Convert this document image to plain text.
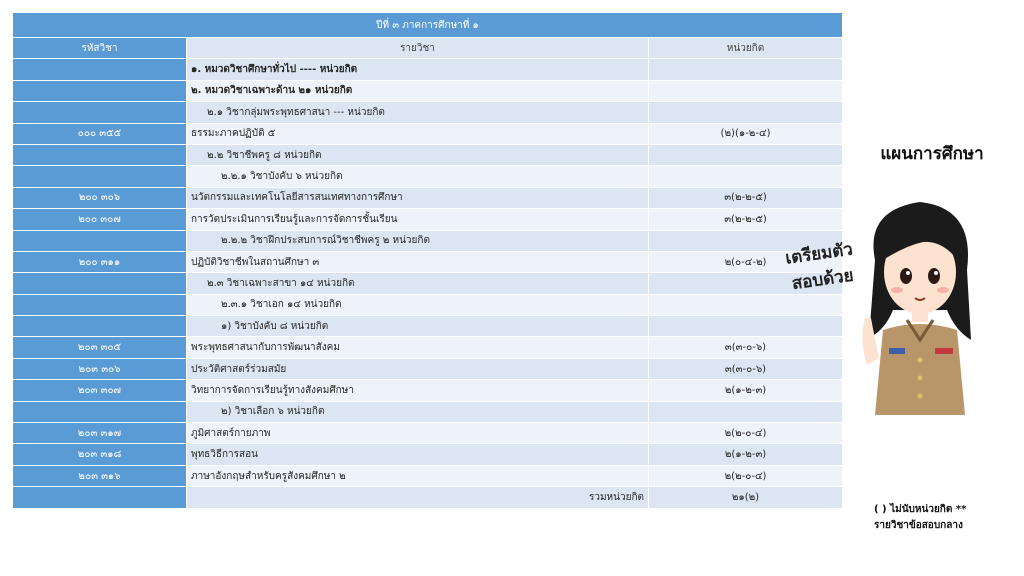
ปีที่ ๓ ภาคการศึกษาที่ ๑		
รหัสวิชา	รายวิชา	หน่วยกิต
	๑. หมวดวิชาศึกษาทั่วไป ---- หน่วยกิต	
	๒. หมวดวิชาเฉพาะด้าน ๒๑ หน่วยกิต	
	๒.๑ วิชากลุ่มพระพุทธศาสนา --- หน่วยกิต	
๐๐๐ ๓๕๕	ธรรมะภาคปฏิบัติ ๕	(๒)(๑-๒-๔)
	๒.๒ วิชาชีพครู ๘ หน่วยกิต	
	๒.๒.๑ วิชาบังคับ ๖ หน่วยกิต	
๒๐๐ ๓๐๖	นวัตกรรมและเทคโนโลยีสารสนเทศทางการศึกษา	๓(๒-๒-๕)
๒๐๐ ๓๐๗	การวัดประเมินการเรียนรู้และการจัดการชั้นเรียน	๓(๒-๒-๕)
	๒.๒.๒ วิชาฝึกประสบการณ์วิชาชีพครู ๒ หน่วยกิต	
๒๐๐ ๓๑๑	ปฏิบัติวิชาชีพในสถานศึกษา ๓	๒(๐-๔-๒)
	๒.๓ วิชาเฉพาะสาขา ๑๔ หน่วยกิต	
	๒.๓.๑ วิชาเอก ๑๔ หน่วยกิต	
	๑) วิชาบังคับ ๘ หน่วยกิต	
๒๐๓ ๓๐๕	พระพุทธศาสนากับการพัฒนาสังคม	๓(๓-๐-๖)
๒๐๓ ๓๐๖	ประวัติศาสตร์ร่วมสมัย	๓(๓-๐-๖)
๒๐๓ ๓๐๗	วิทยาการจัดการเรียนรู้ทางสังคมศึกษา	๒(๑-๒-๓)
	๒) วิชาเลือก ๖ หน่วยกิต	
๒๐๓ ๓๑๗	ภูมิศาสตร์กายภาพ	๒(๒-๐-๔)
๒๐๓ ๓๑๘	พุทธวิธีการสอน	๒(๑-๒-๓)
๒๐๓ ๓๑๖	ภาษาอังกฤษสำหรับครูสังคมศึกษา ๒	๒(๒-๐-๔)
	รวมหน่วยกิต	๒๑(๒)
แผนการศึกษา
เตรียมตัว
สอบด้วย
( ) ไม่นับหน่วยกิต **
รายวิชาข้อสอบกลาง
